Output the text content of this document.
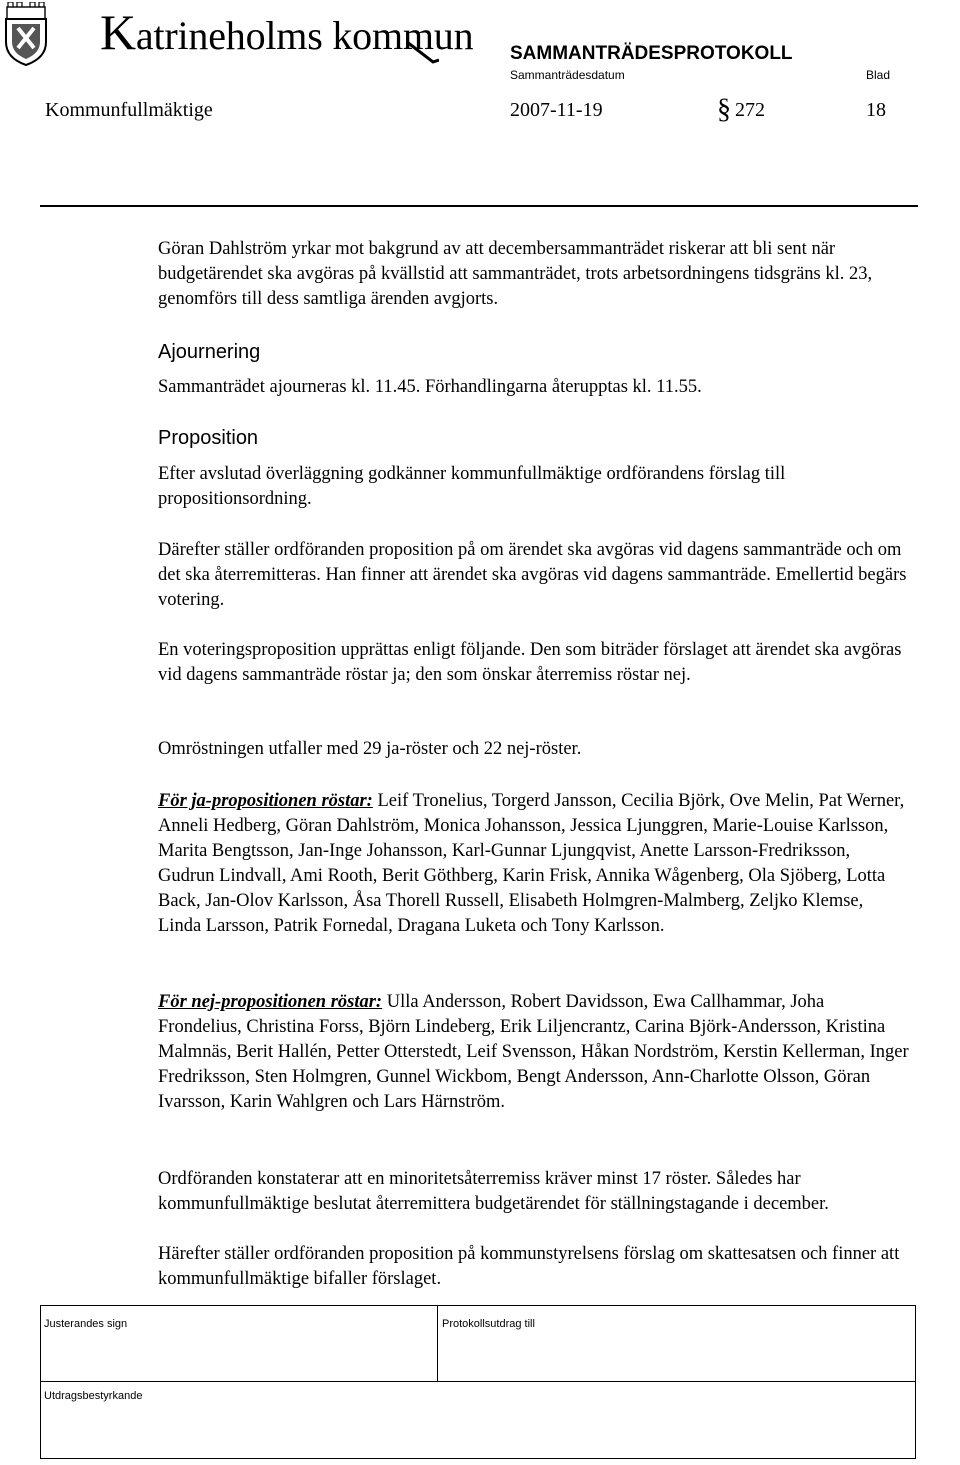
Katrineholms kommun SAMMANTRÄDESPROTOKOLL
Sammanträdesdatum	Blad
Kommunfullmäktige	2007-11-19	§ 272	18

Göran Dahlström yrkar mot bakgrund av att decembersammanträdet riskerar att bli sent när budgetärendet ska avgöras på kvällstid att sammanträdet, trots arbetsordningens tidsgräns kl. 23, genomförs till dess samtliga ärenden avgjorts.

Ajournering

Sammanträdet ajourneras kl. 11.45. Förhandlingarna återupptas kl. 11.55.

Proposition

Efter avslutad överläggning godkänner kommunfullmäktige ordförandens förslag till propositionsordning.

Därefter ställer ordföranden proposition på om ärendet ska avgöras vid dagens sammanträde och om det ska återremitteras. Han finner att ärendet ska avgöras vid dagens sammanträde. Emellertid begärs votering.

En voteringsproposition upprättas enligt följande. Den som biträder förslaget att ärendet ska avgöras vid dagens sammanträde röstar ja; den som önskar återremiss röstar nej.

Omröstningen utfaller med 29 ja-röster och 22 nej-röster.

För ja-propositionen röstar: Leif Tronelius, Torgerd Jansson, Cecilia Björk, Ove Melin, Pat Werner, Anneli Hedberg, Göran Dahlström, Monica Johansson, Jessica Ljunggren, Marie-Louise Karlsson, Marita Bengtsson, Jan-Inge Johansson, Karl-Gunnar Ljungqvist, Anette Larsson-Fredriksson, Gudrun Lindvall, Ami Rooth, Berit Göthberg, Karin Frisk, Annika Wågenberg, Ola Sjöberg, Lotta Back, Jan-Olov Karlsson, Åsa Thorell Russell, Elisabeth Holmgren-Malmberg, Zeljko Klemse, Linda Larsson, Patrik Fornedal, Dragana Luketa och Tony Karlsson.

För nej-propositionen röstar: Ulla Andersson, Robert Davidsson, Ewa Callhammar, Joha Frondelius, Christina Forss, Björn Lindeberg, Erik Liljencrantz, Carina Björk-Andersson, Kristina Malmnäs, Berit Hallén, Petter Otterstedt, Leif Svensson, Håkan Nordström, Kerstin Kellerman, Inger Fredriksson, Sten Holmgren, Gunnel Wickbom, Bengt Andersson, Ann-Charlotte Olsson, Göran Ivarsson, Karin Wahlgren och Lars Härnström.

Ordföranden konstaterar att en minoritetsåterremiss kräver minst 17 röster. Således har kommunfullmäktige beslutat återremittera budgetärendet för ställningstagande i december.

Härefter ställer ordföranden proposition på kommunstyrelsens förslag om skattesatsen och finner att kommunfullmäktige bifaller förslaget.

Justerandes sign	Protokollsutdrag till
Utdragsbestyrkande
